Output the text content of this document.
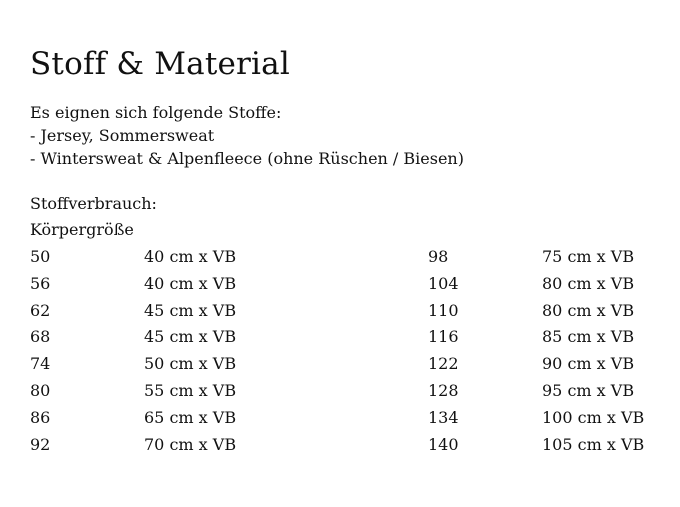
Stoff & Material
Es eignen sich folgende Stoffe:
- Jersey, Sommersweat
- Wintersweat & Alpenfleece (ohne Rüschen / Biesen)
Stoffverbrauch:
Körpergröße
50	40 cm x VB	98	75 cm x VB
56	40 cm x VB	104	80 cm x VB
62	45 cm x VB	110	80 cm x VB
68	45 cm x VB	116	85 cm x VB
74	50 cm x VB	122	90 cm x VB
80	55 cm x VB	128	95 cm x VB
86	65 cm x VB	134	100 cm x VB
92	70 cm x VB	140	105 cm x VB
